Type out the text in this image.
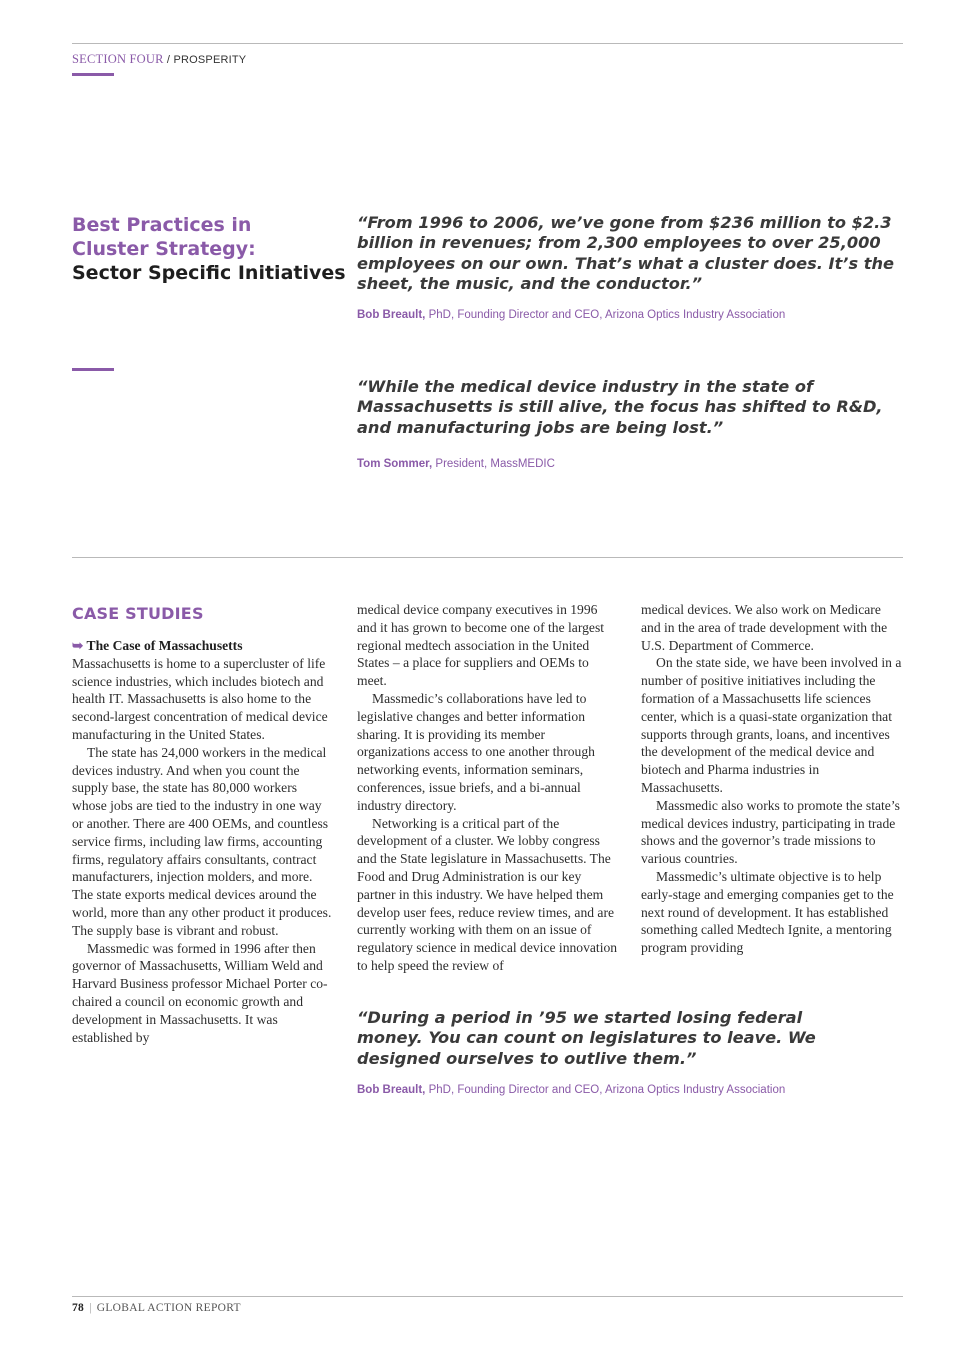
SECTION FOUR / PROSPERITY
Best Practices in
Cluster Strategy:
Sector Specific Initiatives
“From 1996 to 2006, we’ve gone from $236 million to $2.3 billion in revenues; from 2,300 employees to over 25,000 employees on our own. That’s what a cluster does. It’s the sheet, the music, and the conductor.”
Bob Breault, PhD, Founding Director and CEO, Arizona Optics Industry Association
“While the medical device industry in the state of Massachusetts is still alive, the focus has shifted to R&D, and manufacturing jobs are being lost.”
Tom Sommer, President, MassMEDIC
CASE STUDIES
➥ The Case of Massachusetts

Massachusetts is home to a supercluster of life science industries, which includes biotech and health IT. Massachusetts is also home to the second-largest concentration of medical device manufacturing in the United States.

The state has 24,000 workers in the medical devices industry. And when you count the supply base, the state has 80,000 workers whose jobs are tied to the industry in one way or another. There are 400 OEMs, and countless service firms, including law firms, accounting firms, regulatory affairs consultants, contract manufacturers, injection molders, and more. The state exports medical devices around the world, more than any other product it produces. The supply base is vibrant and robust.

Massmedic was formed in 1996 after then governor of Massachusetts, William Weld and Harvard Business professor Michael Porter co-chaired a council on economic growth and development in Massachusetts. It was established by

medical device company executives in 1996 and it has grown to become one of the largest regional medtech association in the United States – a place for suppliers and OEMs to meet.

Massmedic’s collaborations have led to legislative changes and better information sharing. It is providing its member organizations access to one another through networking events, information seminars, conferences, issue briefs, and a bi-annual industry directory.

Networking is a critical part of the development of a cluster. We lobby congress and the State legislature in Massachusetts. The Food and Drug Administration is our key partner in this industry. We have helped them develop user fees, reduce review times, and are currently working with them on an issue of regulatory science in medical device innovation to help speed the review of

medical devices. We also work on Medicare and in the area of trade development with the U.S. Department of Commerce.

On the state side, we have been involved in a number of positive initiatives including the formation of a Massachusetts life sciences center, which is a quasi-state organization that supports through grants, loans, and incentives the development of the medical device and biotech and Pharma industries in Massachusetts.

Massmedic also works to promote the state’s medical devices industry, participating in trade shows and the governor’s trade missions to various countries.

Massmedic’s ultimate objective is to help early-stage and emerging companies get to the next round of development. It has established something called Medtech Ignite, a mentoring program providing

“During a period in ’95 we started losing federal money. You can count on legislatures to leave. We designed ourselves to outlive them.”
Bob Breault, PhD, Founding Director and CEO, Arizona Optics Industry Association
78 | GLOBAL ACTION REPORT
